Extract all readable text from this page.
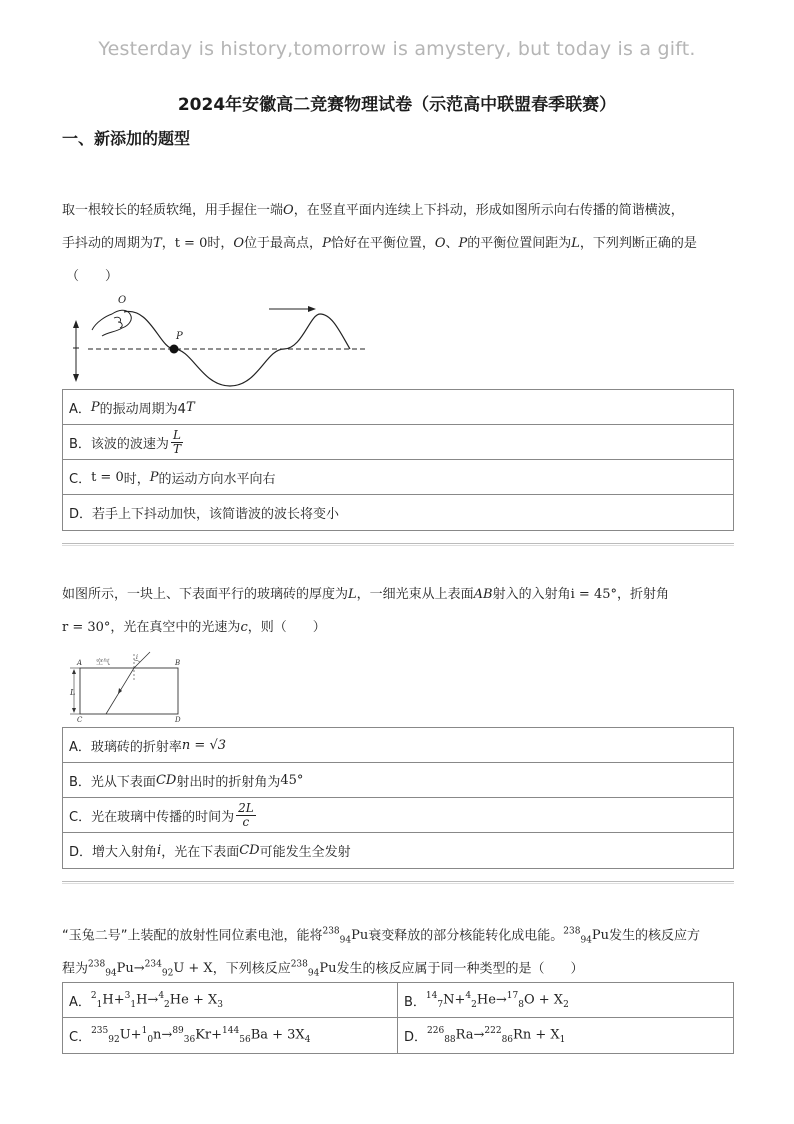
Yesterday is history,tomorrow is amystery, but today is a gift.
2024年安徽高二竞赛物理试卷（示范高中联盟春季联赛）
一、新添加的题型
取一根较长的轻质软绳，用手握住一端O，在竖直平面内连续上下抖动，形成如图所示向右传播的简谐横波，
手抖动的周期为T，t = 0时，O位于最高点，P恰好在平衡位置，O、P的平衡位置间距为L，下列判断正确的是
（　　）
O
P
A． P 的振动周期为4 T
B． 该波的波速为 $\frac{L}{T}$
C． t = 0 时， P 的运动方向水平向右
D． 若手上下抖动加快，该简谐波的波长将变小
如图所示，一块上、下表面平行的玻璃砖的厚度为L，一细光束从上表面AB射入的入射角i = 45°，折射角
r = 30°，光在真空中的光速为c，则（　　）
L
A	B
C	D
空气
i
A． 玻璃砖的折射率 n = √3
B． 光从下表面 CD 射出时的折射角为 45°
C． 光在玻璃中传播的时间为 $\frac{2L}{c}$
D． 增大入射角 i ，光在下表面 CD 可能发生全发射
“玉兔二号”上装配的放射性同位素电池，能将$^{238}_{94}$Pu衰变释放的部分核能转化成电能。$^{238}_{94}$Pu发生的核反应方
程为$^{238}_{94}$Pu→$^{234}_{92}$U + X，下列核反应$^{238}_{94}$Pu发生的核反应属于同一种类型的是（　　）
A． $^2_1H+^3_1H\to^4_2He + X_3$	B． $^{14}_7N+^4_2He\to^{17}_8O + X_2$
C． $^{235}_{92}U+^1_0n\to^{89}_{36}Kr+^{144}_{56}Ba + 3X_4$	D． $^{226}_{88}Ra\to^{222}_{86}Rn + X_1$
